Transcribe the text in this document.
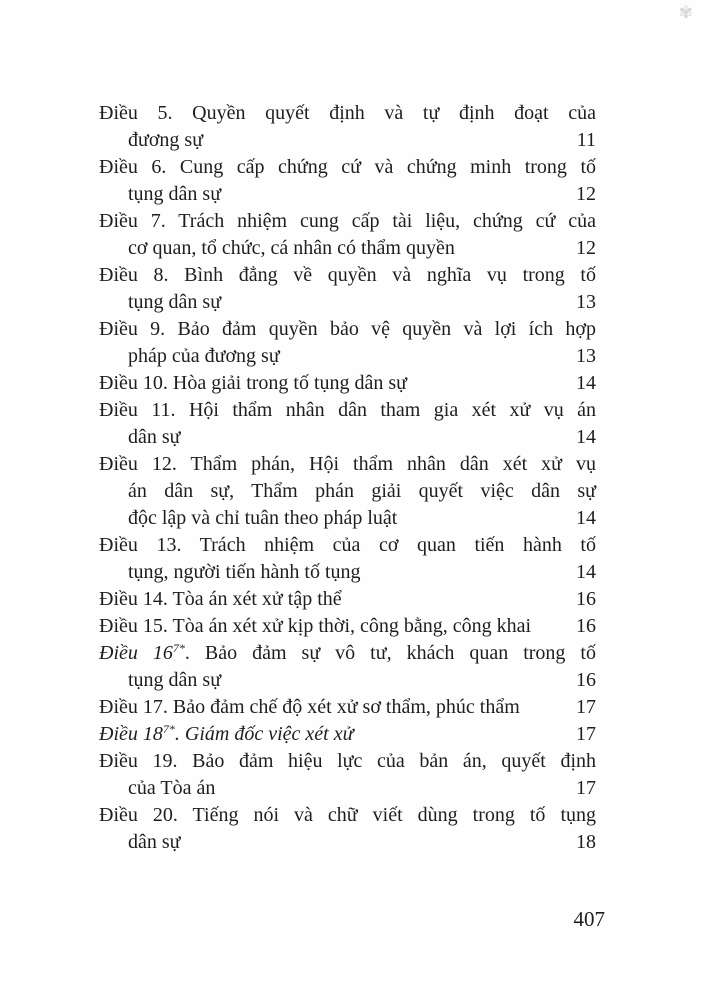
✾
Điều 5. Quyền quyết định và tự định đoạt của
đương sự	11
Điều 6. Cung cấp chứng cứ và chứng minh trong tố
tụng dân sự	12
Điều 7. Trách nhiệm cung cấp tài liệu, chứng cứ của
cơ quan, tổ chức, cá nhân có thẩm quyền	12
Điều 8. Bình đẳng về quyền và nghĩa vụ trong tố
tụng dân sự	13
Điều 9. Bảo đảm quyền bảo vệ quyền và lợi ích hợp
pháp của đương sự	13
Điều 10. Hòa giải trong tố tụng dân sự	14
Điều 11. Hội thẩm nhân dân tham gia xét xử vụ án
dân sự	14
Điều 12. Thẩm phán, Hội thẩm nhân dân xét xử vụ
án dân sự, Thẩm phán giải quyết việc dân sự
độc lập và chỉ tuân theo pháp luật	14
Điều 13. Trách nhiệm của cơ quan tiến hành tố
tụng, người tiến hành tố tụng	14
Điều 14. Tòa án xét xử tập thể	16
Điều 15. Tòa án xét xử kịp thời, công bằng, công khai 16
Điều $16^{7*}$. Bảo đảm sự vô tư, khách quan trong tố
tụng dân sự	16
Điều 17. Bảo đảm chế độ xét xử sơ thẩm, phúc thẩm	17
Điều $18^{7*}$. Giám đốc việc xét xử	17
Điều 19. Bảo đảm hiệu lực của bản án, quyết định
của Tòa án	17
Điều 20. Tiếng nói và chữ viết dùng trong tố tụng
dân sự	18
407
